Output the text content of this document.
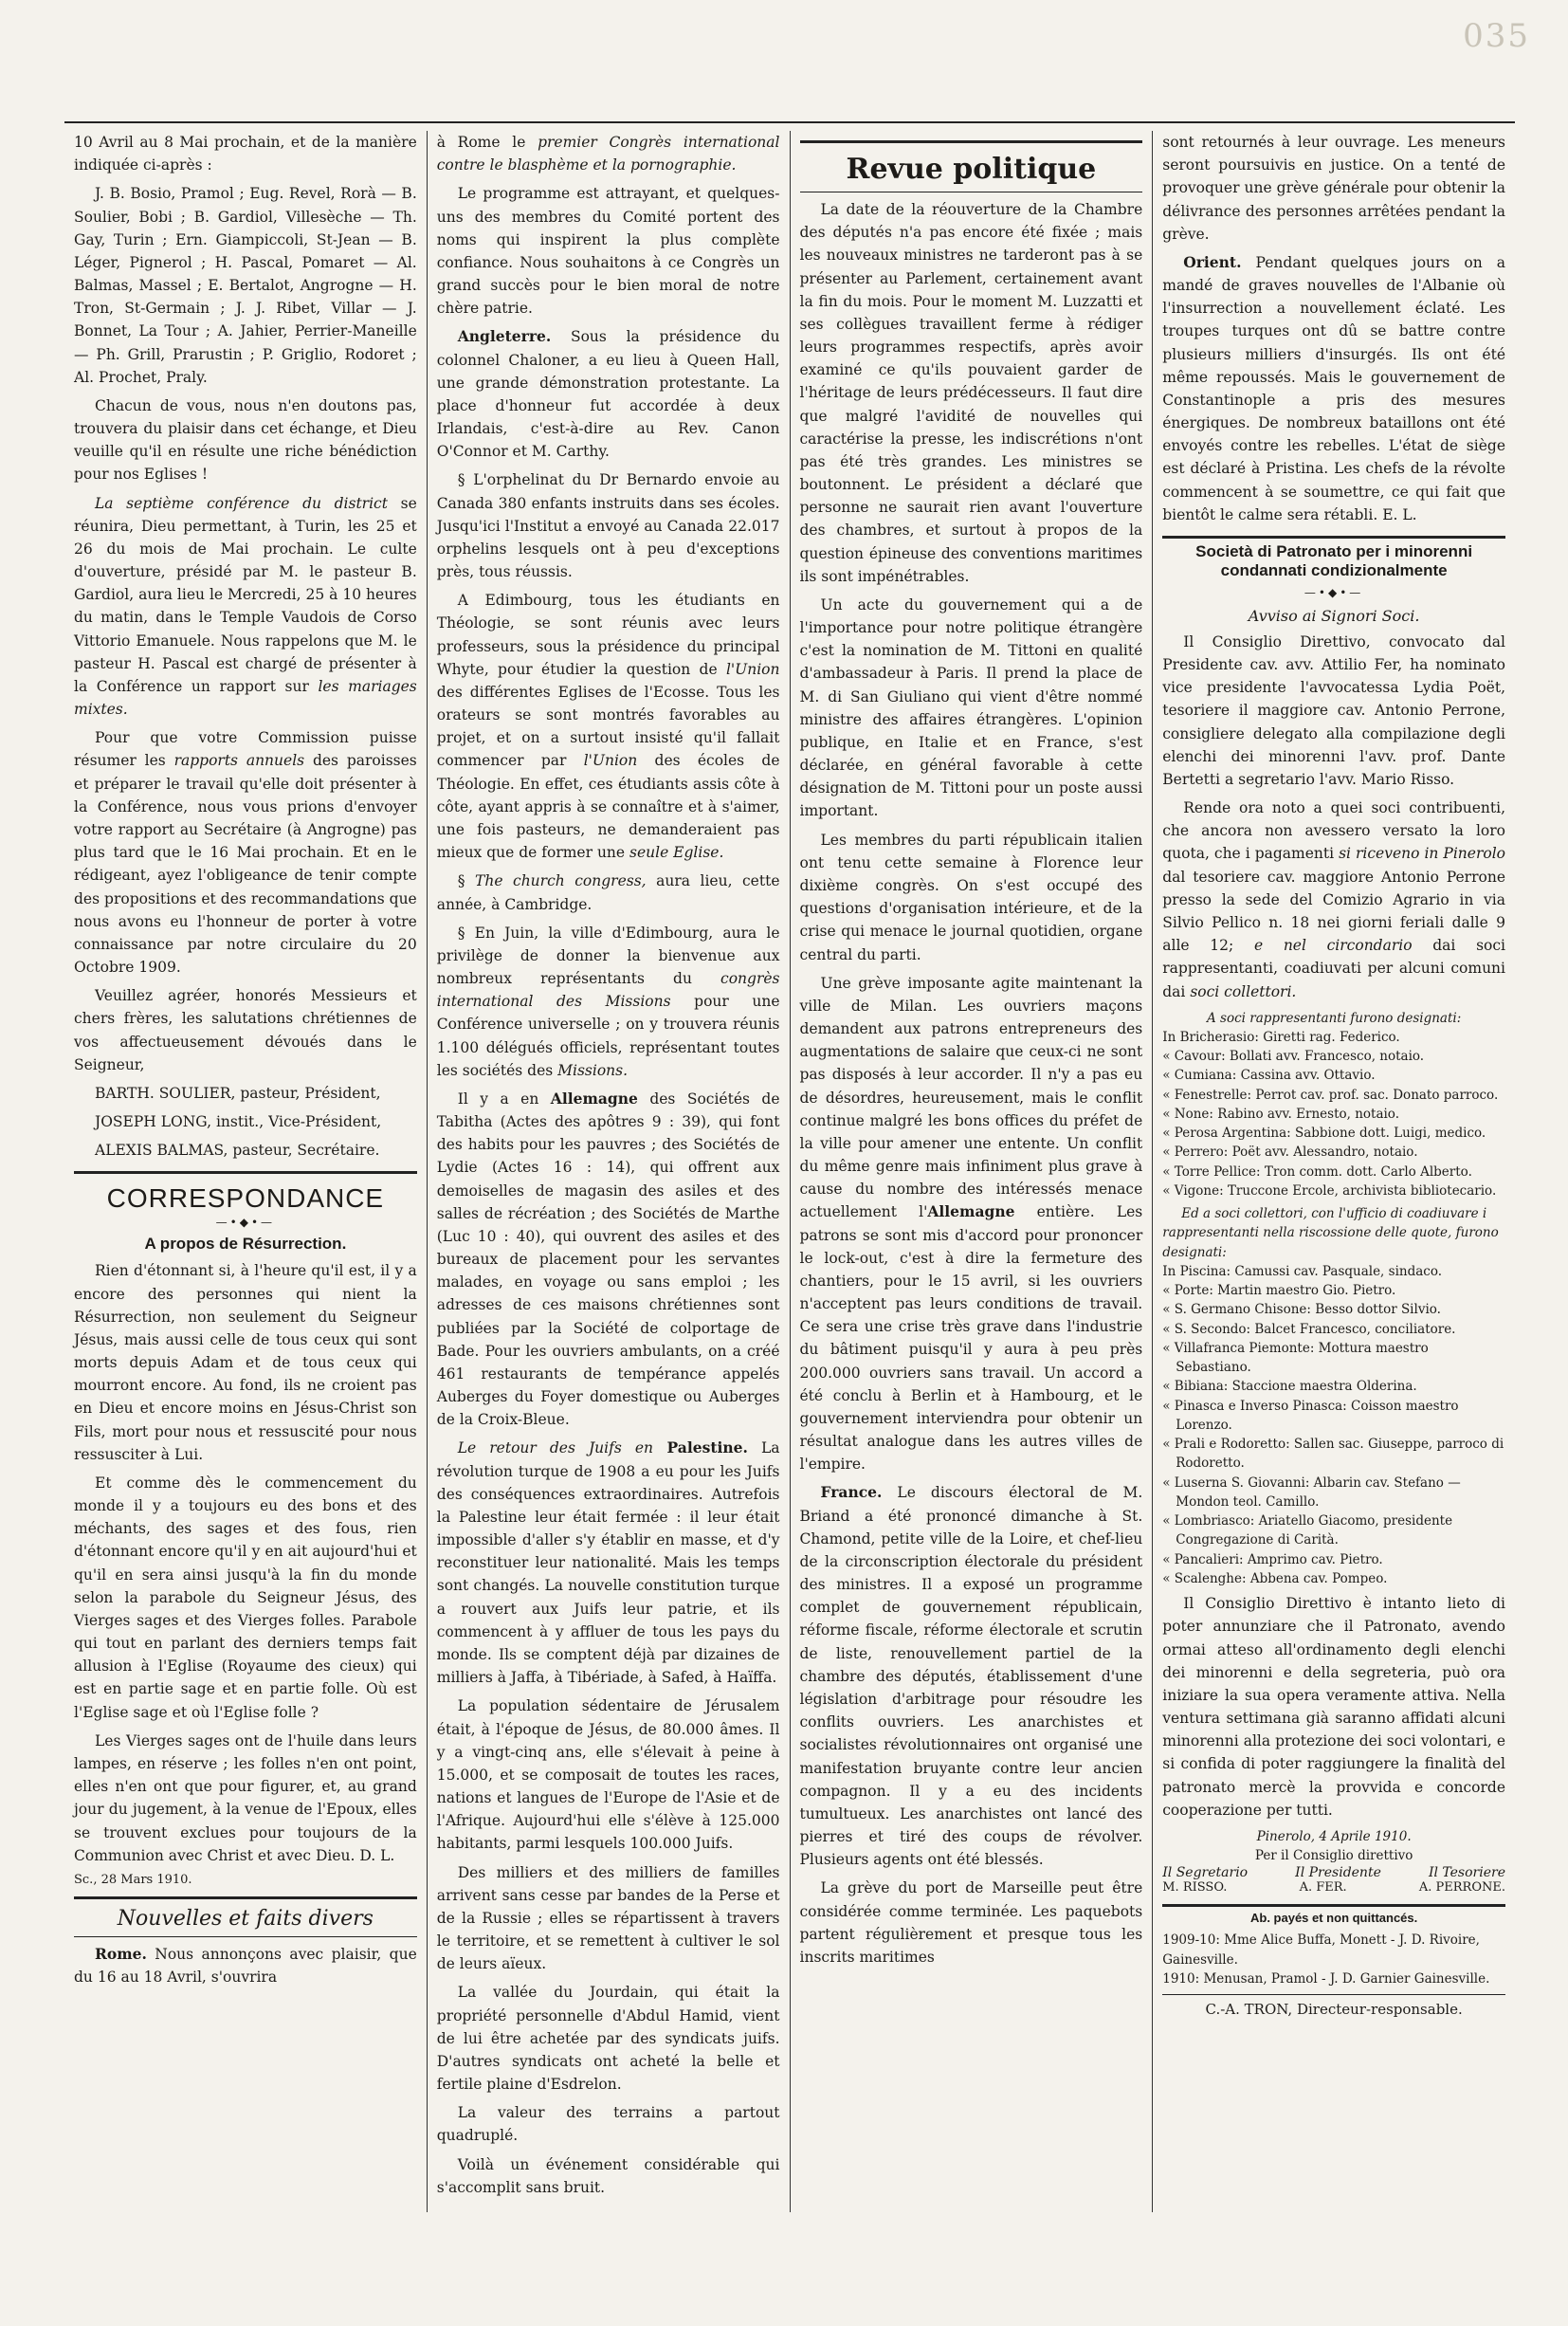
035

10 Avril au 8 Mai prochain, et de la manière indiquée ci-après :

J. B. Bosio, Pramol ; Eug. Revel, Rorà — B. Soulier, Bobi ; B. Gardiol, Villesèche — Th. Gay, Turin ; Ern. Giampiccoli, St-Jean — B. Léger, Pignerol ; H. Pascal, Pomaret — Al. Balmas, Massel ; E. Bertalot, Angrogne — H. Tron, St-Germain ; J. J. Ribet, Villar — J. Bonnet, La Tour ; A. Jahier, Perrier-Maneille — Ph. Grill, Prarustin ; P. Griglio, Rodoret ; Al. Prochet, Praly.

Chacun de vous, nous n'en doutons pas, trouvera du plaisir dans cet échange, et Dieu veuille qu'il en résulte une riche bénédiction pour nos Eglises !

La septième conférence du district se réunira, Dieu permettant, à Turin, les 25 et 26 du mois de Mai prochain. Le culte d'ouverture, présidé par M. le pasteur B. Gardiol, aura lieu le Mercredi, 25 à 10 heures du matin, dans le Temple Vaudois de Corso Vittorio Emanuele. Nous rappelons que M. le pasteur H. Pascal est chargé de présenter à la Conférence un rapport sur les mariages mixtes.

Pour que votre Commission puisse résumer les rapports annuels des paroisses et préparer le travail qu'elle doit présenter à la Conférence, nous vous prions d'envoyer votre rapport au Secrétaire (à Angrogne) pas plus tard que le 16 Mai prochain. Et en le rédigeant, ayez l'obligeance de tenir compte des propositions et des recommandations que nous avons eu l'honneur de porter à votre connaissance par notre circulaire du 20 Octobre 1909.

Veuillez agréer, honorés Messieurs et chers frères, les salutations chrétiennes de vos affectueusement dévoués dans le Seigneur,

BARTH. SOULIER, pasteur, Président,

JOSEPH LONG, instit., Vice-Président,

ALEXIS BALMAS, pasteur, Secrétaire.

CORRESPONDANCE
—•◆•—
A propos de Résurrection.

Rien d'étonnant si, à l'heure qu'il est, il y a encore des personnes qui nient la Résurrection, non seulement du Seigneur Jésus, mais aussi celle de tous ceux qui sont morts depuis Adam et de tous ceux qui mourront encore. Au fond, ils ne croient pas en Dieu et encore moins en Jésus-Christ son Fils, mort pour nous et ressuscité pour nous ressusciter à Lui.

Et comme dès le commencement du monde il y a toujours eu des bons et des méchants, des sages et des fous, rien d'étonnant encore qu'il y en ait aujourd'hui et qu'il en sera ainsi jusqu'à la fin du monde selon la parabole du Seigneur Jésus, des Vierges sages et des Vierges folles. Parabole qui tout en parlant des derniers temps fait allusion à l'Eglise (Royaume des cieux) qui est en partie sage et en partie folle. Où est l'Eglise sage et où l'Eglise folle ?

Les Vierges sages ont de l'huile dans leurs lampes, en réserve ; les folles n'en ont point, elles n'en ont que pour figurer, et, au grand jour du jugement, à la venue de l'Epoux, elles se trouvent exclues pour toujours de la Communion avec Christ et avec Dieu. D. L.

Sc., 28 Mars 1910.
Nouvelles et faits divers

Rome. Nous annonçons avec plaisir, que du 16 au 18 Avril, s'ouvrira

à Rome le premier Congrès international contre le blasphème et la pornographie.

Le programme est attrayant, et quelques-uns des membres du Comité portent des noms qui inspirent la plus complète confiance. Nous souhaitons à ce Congrès un grand succès pour le bien moral de notre chère patrie.

Angleterre. Sous la présidence du colonnel Chaloner, a eu lieu à Queen Hall, une grande démonstration protestante. La place d'honneur fut accordée à deux Irlandais, c'est-à-dire au Rev. Canon O'Connor et M. Carthy.

§ L'orphelinat du Dr Bernardo envoie au Canada 380 enfants instruits dans ses écoles. Jusqu'ici l'Institut a envoyé au Canada 22.017 orphelins lesquels ont à peu d'exceptions près, tous réussis.

A Edimbourg, tous les étudiants en Théologie, se sont réunis avec leurs professeurs, sous la présidence du principal Whyte, pour étudier la question de l'Union des différentes Eglises de l'Ecosse. Tous les orateurs se sont montrés favorables au projet, et on a surtout insisté qu'il fallait commencer par l'Union des écoles de Théologie. En effet, ces étudiants assis côte à côte, ayant appris à se connaître et à s'aimer, une fois pasteurs, ne demanderaient pas mieux que de former une seule Eglise.

§ The church congress, aura lieu, cette année, à Cambridge.

§ En Juin, la ville d'Edimbourg, aura le privilège de donner la bienvenue aux nombreux représentants du congrès international des Missions pour une Conférence universelle ; on y trouvera réunis 1.100 délégués officiels, représentant toutes les sociétés des Missions.

Il y a en Allemagne des Sociétés de Tabitha (Actes des apôtres 9 : 39), qui font des habits pour les pauvres ; des Sociétés de Lydie (Actes 16 : 14), qui offrent aux demoiselles de magasin des asiles et des salles de récréation ; des Sociétés de Marthe (Luc 10 : 40), qui ouvrent des asiles et des bureaux de placement pour les servantes malades, en voyage ou sans emploi ; les adresses de ces maisons chrétiennes sont publiées par la Société de colportage de Bade. Pour les ouvriers ambulants, on a créé 461 restaurants de tempérance appelés Auberges du Foyer domestique ou Auberges de la Croix-Bleue.

Le retour des Juifs en Palestine. La révolution turque de 1908 a eu pour les Juifs des conséquences extraordinaires. Autrefois la Palestine leur était fermée : il leur était impossible d'aller s'y établir en masse, et d'y reconstituer leur nationalité. Mais les temps sont changés. La nouvelle constitution turque a rouvert aux Juifs leur patrie, et ils commencent à y affluer de tous les pays du monde. Ils se comptent déjà par dizaines de milliers à Jaffa, à Tibériade, à Safed, à Haïffa.

La population sédentaire de Jérusalem était, à l'époque de Jésus, de 80.000 âmes. Il y a vingt-cinq ans, elle s'élevait à peine à 15.000, et se composait de toutes les races, nations et langues de l'Europe de l'Asie et de l'Afrique. Aujourd'hui elle s'élève à 125.000 habitants, parmi lesquels 100.000 Juifs.

Des milliers et des milliers de familles arrivent sans cesse par bandes de la Perse et de la Russie ; elles se répartissent à travers le territoire, et se remettent à cultiver le sol de leurs aïeux.

La vallée du Jourdain, qui était la propriété personnelle d'Abdul Hamid, vient de lui être achetée par des syndicats juifs. D'autres syndicats ont acheté la belle et fertile plaine d'Esdrelon.

La valeur des terrains a partout quadruplé.

Voilà un événement considérable qui s'accomplit sans bruit.

Revue politique

La date de la réouverture de la Chambre des députés n'a pas encore été fixée ; mais les nouveaux ministres ne tarderont pas à se présenter au Parlement, certainement avant la fin du mois. Pour le moment M. Luzzatti et ses collègues travaillent ferme à rédiger leurs programmes respectifs, après avoir examiné ce qu'ils pouvaient garder de l'héritage de leurs prédécesseurs. Il faut dire que malgré l'avidité de nouvelles qui caractérise la presse, les indiscrétions n'ont pas été très grandes. Les ministres se boutonnent. Le président a déclaré que personne ne saurait rien avant l'ouverture des chambres, et surtout à propos de la question épineuse des conventions maritimes ils sont impénétrables.

Un acte du gouvernement qui a de l'importance pour notre politique étrangère c'est la nomination de M. Tittoni en qualité d'ambassadeur à Paris. Il prend la place de M. di San Giuliano qui vient d'être nommé ministre des affaires étrangères. L'opinion publique, en Italie et en France, s'est déclarée, en général favorable à cette désignation de M. Tittoni pour un poste aussi important.

Les membres du parti républicain italien ont tenu cette semaine à Florence leur dixième congrès. On s'est occupé des questions d'organisation intérieure, et de la crise qui menace le journal quotidien, organe central du parti.

Une grève imposante agite maintenant la ville de Milan. Les ouvriers maçons demandent aux patrons entrepreneurs des augmentations de salaire que ceux-ci ne sont pas disposés à leur accorder. Il n'y a pas eu de désordres, heureusement, mais le conflit continue malgré les bons offices du préfet de la ville pour amener une entente. Un conflit du même genre mais infiniment plus grave à cause du nombre des intéressés menace actuellement l'Allemagne entière. Les patrons se sont mis d'accord pour prononcer le lock-out, c'est à dire la fermeture des chantiers, pour le 15 avril, si les ouvriers n'acceptent pas leurs conditions de travail. Ce sera une crise très grave dans l'industrie du bâtiment puisqu'il y aura à peu près 200.000 ouvriers sans travail. Un accord a été conclu à Berlin et à Hambourg, et le gouvernement interviendra pour obtenir un résultat analogue dans les autres villes de l'empire.

France. Le discours électoral de M. Briand a été prononcé dimanche à St. Chamond, petite ville de la Loire, et chef-lieu de la circonscription électorale du président des ministres. Il a exposé un programme complet de gouvernement républicain, réforme fiscale, réforme électorale et scrutin de liste, renouvellement partiel de la chambre des députés, établissement d'une législation d'arbitrage pour résoudre les conflits ouvriers. Les anarchistes et socialistes révolutionnaires ont organisé une manifestation bruyante contre leur ancien compagnon. Il y a eu des incidents tumultueux. Les anarchistes ont lancé des pierres et tiré des coups de révolver. Plusieurs agents ont été blessés.

La grève du port de Marseille peut être considérée comme terminée. Les paquebots partent régulièrement et presque tous les inscrits maritimes

sont retournés à leur ouvrage. Les meneurs seront poursuivis en justice. On a tenté de provoquer une grève générale pour obtenir la délivrance des personnes arrêtées pendant la grève.

Orient. Pendant quelques jours on a mandé de graves nouvelles de l'Albanie où l'insurrection a nouvellement éclaté. Les troupes turques ont dû se battre contre plusieurs milliers d'insurgés. Ils ont été même repoussés. Mais le gouvernement de Constantinople a pris des mesures énergiques. De nombreux bataillons ont été envoyés contre les rebelles. L'état de siège est déclaré à Pristina. Les chefs de la révolte commencent à se soumettre, ce qui fait que bientôt le calme sera rétabli. E. L.

Società di Patronato per i minorenni condannati condizionalmente
—•◆•—
Avviso ai Signori Soci.

Il Consiglio Direttivo, convocato dal Presidente cav. avv. Attilio Fer, ha nominato vice presidente l'avvocatessa Lydia Poët, tesoriere il maggiore cav. Antonio Perrone, consigliere delegato alla compilazione degli elenchi dei minorenni l'avv. prof. Dante Bertetti a segretario l'avv. Mario Risso.

Rende ora noto a quei soci contribuenti, che ancora non avessero versato la loro quota, che i pagamenti si riceveno in Pinerolo dal tesoriere cav. maggiore Antonio Perrone presso la sede del Comizio Agrario in via Silvio Pellico n. 18 nei giorni feriali dalle 9 alle 12; e nel circondario dai soci rappresentanti, coadiuvati per alcuni comuni dai soci collettori.

A soci rappresentanti furono designati:
In Bricherasio: Giretti rag. Federico.
« Cavour: Bollati avv. Francesco, notaio.
« Cumiana: Cassina avv. Ottavio.
« Fenestrelle: Perrot cav. prof. sac. Donato parroco.
« None: Rabino avv. Ernesto, notaio.
« Perosa Argentina: Sabbione dott. Luigi, medico.
« Perrero: Poët avv. Alessandro, notaio.
« Torre Pellice: Tron comm. dott. Carlo Alberto.
« Vigone: Truccone Ercole, archivista bibliotecario.
Ed a soci collettori, con l'ufficio di coadiuvare i rappresentanti nella riscossione delle quote, furono designati:
In Piscina: Camussi cav. Pasquale, sindaco.
« Porte: Martin maestro Gio. Pietro.
« S. Germano Chisone: Besso dottor Silvio.
« S. Secondo: Balcet Francesco, conciliatore.
« Villafranca Piemonte: Mottura maestro Sebastiano.
« Bibiana: Staccione maestra Olderina.
« Pinasca e Inverso Pinasca: Coisson maestro Lorenzo.
« Prali e Rodoretto: Sallen sac. Giuseppe, parroco di Rodoretto.
« Luserna S. Giovanni: Albarin cav. Stefano — Mondon teol. Camillo.
« Lombriasco: Ariatello Giacomo, presidente Congregazione di Carità.
« Pancalieri: Amprimo cav. Pietro.
« Scalenghe: Abbena cav. Pompeo.

Il Consiglio Direttivo è intanto lieto di poter annunziare che il Patronato, avendo ormai atteso all'ordinamento degli elenchi dei minorenni e della segreteria, può ora iniziare la sua opera veramente attiva. Nella ventura settimana già saranno affidati alcuni minorenni alla protezione dei soci volontari, e si confida di poter raggiungere la finalità del patronato mercè la provvida e concorde cooperazione per tutti.

Pinerolo, 4 Aprile 1910.
Per il Consiglio direttivo
Il Segretario	Il Presidente	Il Tesoriere
M. RISSO.	A. FER.	A. PERRONE.
Ab. payés et non quittancés.
1909-10: Mme Alice Buffa, Monett - J. D. Rivoire, Gainesville.
1910: Menusan, Pramol - J. D. Garnier Gainesville.
C.-A. TRON, Directeur-responsable.
